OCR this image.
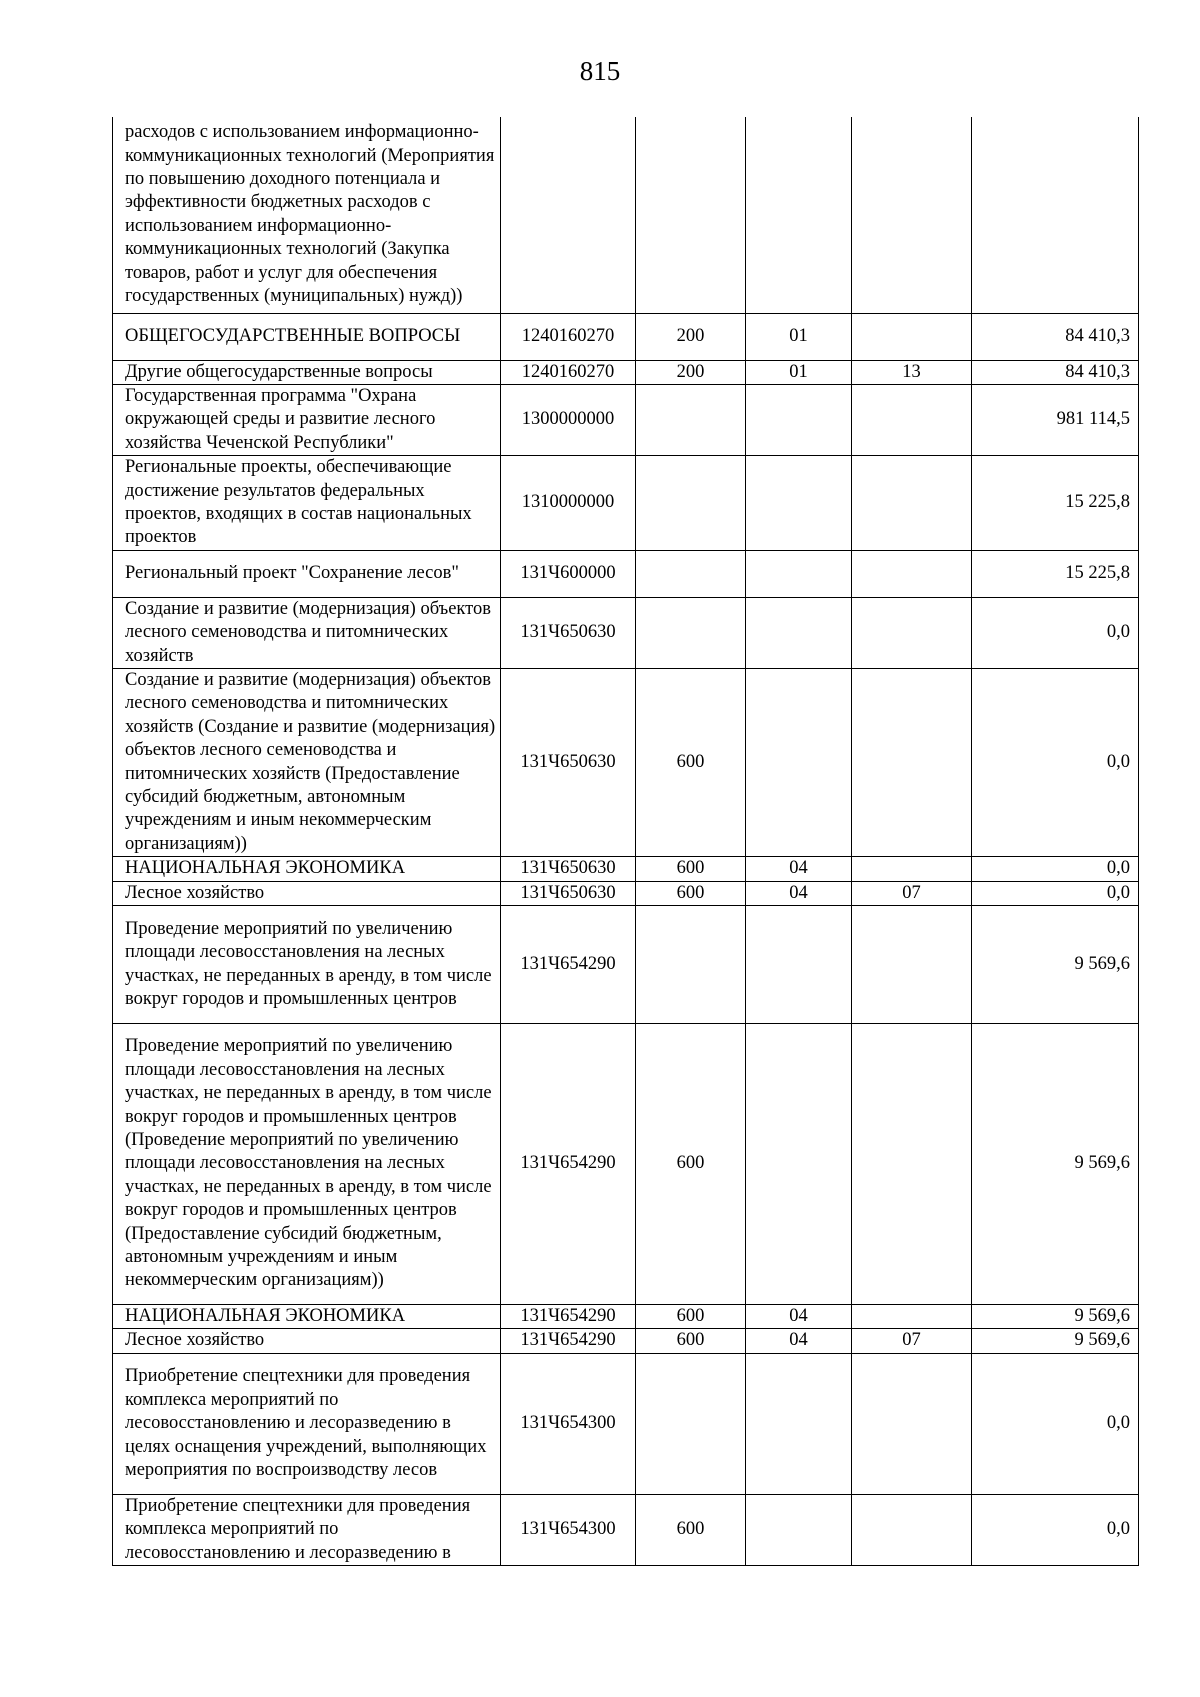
815
расходов с использованием информационно-коммуникационных технологий (Мероприятия по повышению доходного потенциала и эффективности бюджетных расходов с использованием информационно-коммуникационных технологий (Закупка товаров, работ и услуг для обеспечения государственных (муниципальных) нужд))					
ОБЩЕГОСУДАРСТВЕННЫЕ ВОПРОСЫ	1240160270	200	01		84 410,3
Другие общегосударственные вопросы	1240160270	200	01	13	84 410,3
Государственная программа "Охрана окружающей среды и развитие лесного хозяйства Чеченской Республики"	1300000000				981 114,5
Региональные проекты, обеспечивающие достижение результатов федеральных проектов, входящих в состав национальных проектов	1310000000				15 225,8
Региональный проект "Сохранение лесов"	131Ч600000				15 225,8
Создание и развитие (модернизация) объектов лесного семеноводства и питомнических хозяйств	131Ч650630				0,0
Создание и развитие (модернизация) объектов лесного семеноводства и питомнических хозяйств (Создание и развитие (модернизация) объектов лесного семеноводства и питомнических хозяйств (Предоставление субсидий бюджетным, автономным учреждениям и иным некоммерческим организациям))	131Ч650630	600			0,0
НАЦИОНАЛЬНАЯ ЭКОНОМИКА	131Ч650630	600	04		0,0
Лесное хозяйство	131Ч650630	600	04	07	0,0
Проведение мероприятий по увеличению площади лесовосстановления на лесных участках, не переданных в аренду, в том числе вокруг городов и промышленных центров	131Ч654290				9 569,6
Проведение мероприятий по увеличению площади лесовосстановления на лесных участках, не переданных в аренду, в том числе вокруг городов и промышленных центров (Проведение мероприятий по увеличению площади лесовосстановления на лесных участках, не переданных в аренду, в том числе вокруг городов и промышленных центров (Предоставление субсидий бюджетным, автономным учреждениям и иным некоммерческим организациям))	131Ч654290	600			9 569,6
НАЦИОНАЛЬНАЯ ЭКОНОМИКА	131Ч654290	600	04		9 569,6
Лесное хозяйство	131Ч654290	600	04	07	9 569,6
Приобретение спецтехники для проведения комплекса мероприятий по лесовосстановлению и лесоразведению в целях оснащения учреждений, выполняющих мероприятия по воспроизводству лесов	131Ч654300				0,0
Приобретение спецтехники для проведения комплекса мероприятий по лесовосстановлению и лесоразведению в	131Ч654300	600			0,0
